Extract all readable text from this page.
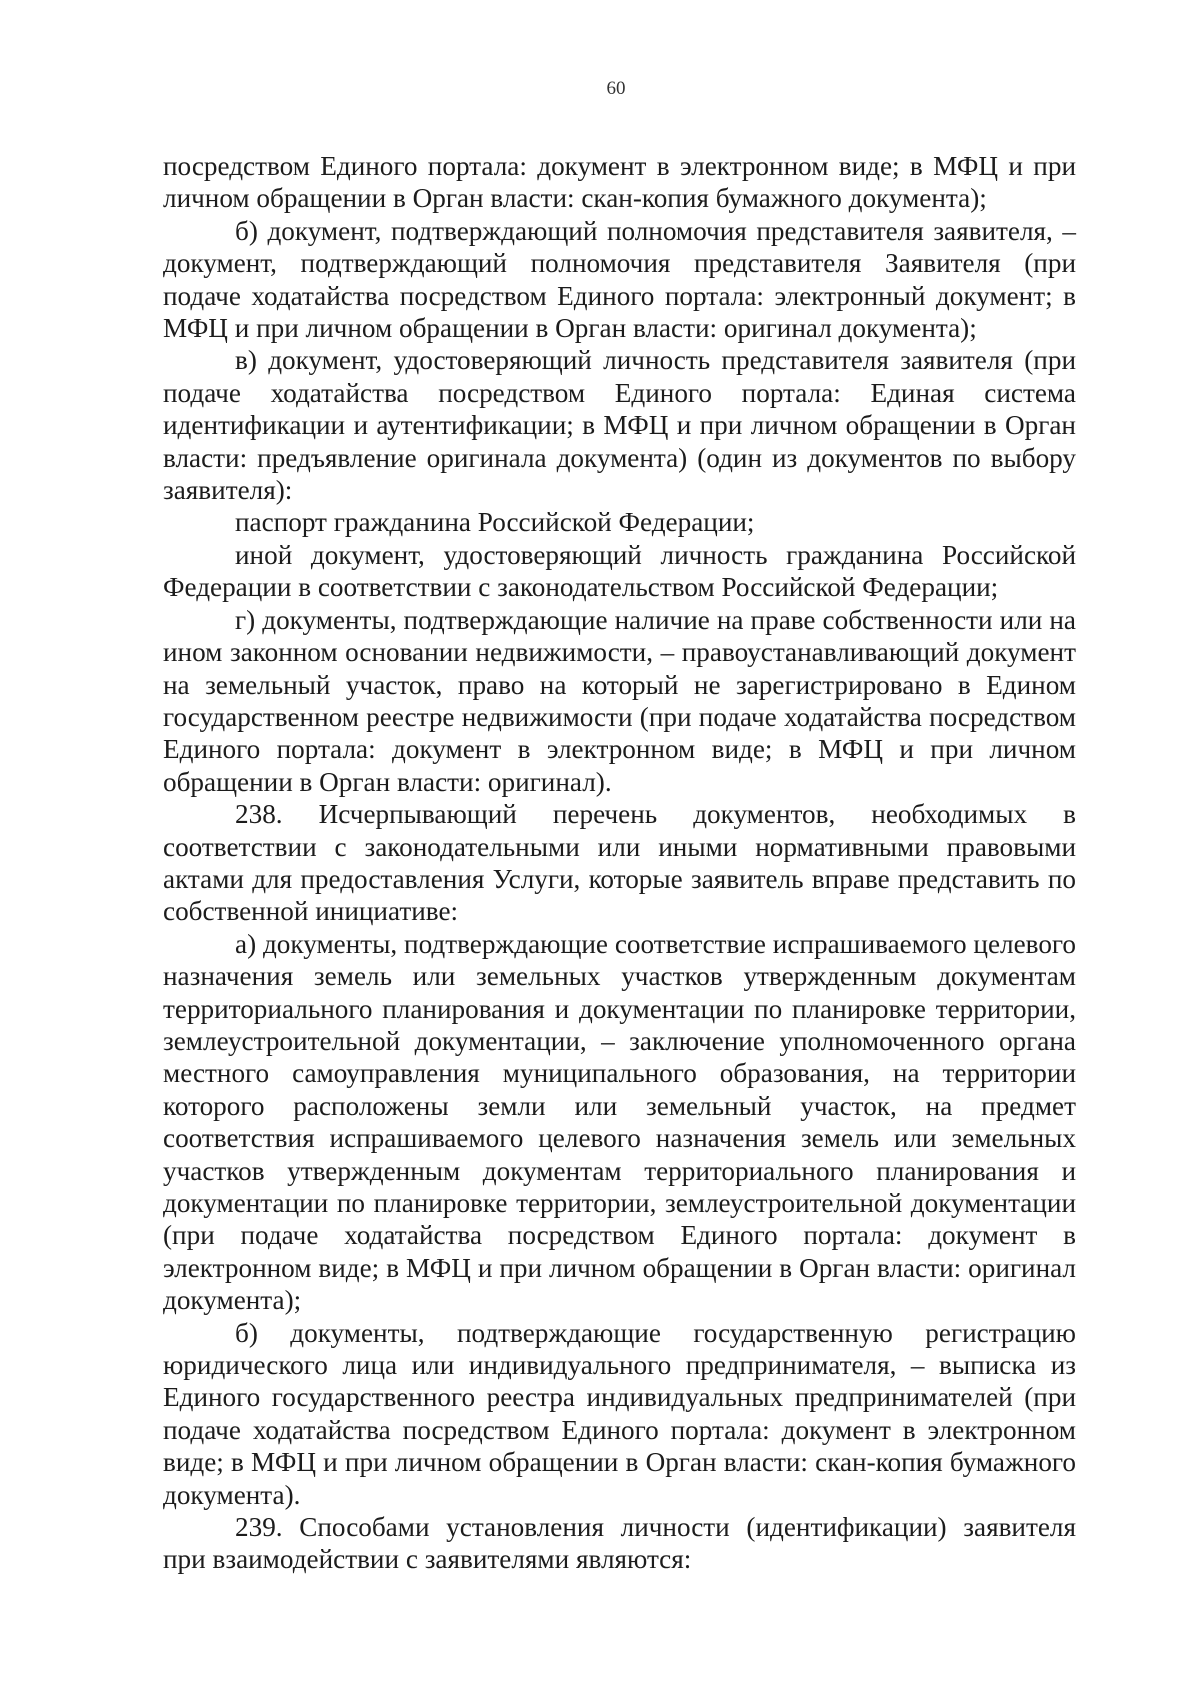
60

посредством Единого портала: документ в электронном виде; в МФЦ и при личном обращении в Орган власти: скан-копия бумажного документа);

б) документ, подтверждающий полномочия представителя заявителя, – документ, подтверждающий полномочия представителя Заявителя (при подаче ходатайства посредством Единого портала: электронный документ; в МФЦ и при личном обращении в Орган власти: оригинал документа);

в) документ, удостоверяющий личность представителя заявителя (при подаче ходатайства посредством Единого портала: Единая система идентификации и аутентификации; в МФЦ и при личном обращении в Орган власти: предъявление оригинала документа) (один из документов по выбору заявителя):

паспорт гражданина Российской Федерации;

иной документ, удостоверяющий личность гражданина Российской Федерации в соответствии с законодательством Российской Федерации;

г) документы, подтверждающие наличие на праве собственности или на ином законном основании недвижимости, – правоустанавливающий документ на земельный участок, право на который не зарегистрировано в Едином государственном реестре недвижимости (при подаче ходатайства посредством Единого портала: документ в электронном виде; в МФЦ и при личном обращении в Орган власти: оригинал).

238. Исчерпывающий перечень документов, необходимых в соответствии с законодательными или иными нормативными правовыми актами для предоставления Услуги, которые заявитель вправе представить по собственной инициативе:

а) документы, подтверждающие соответствие испрашиваемого целевого назначения земель или земельных участков утвержденным документам территориального планирования и документации по планировке территории, землеустроительной документации, – заключение уполномоченного органа местного самоуправления муниципального образования, на территории которого расположены земли или земельный участок, на предмет соответствия испрашиваемого целевого назначения земель или земельных участков утвержденным документам территориального планирования и документации по планировке территории, землеустроительной документации (при подаче ходатайства посредством Единого портала: документ в электронном виде; в МФЦ и при личном обращении в Орган власти: оригинал документа);

б) документы, подтверждающие государственную регистрацию юридического лица или индивидуального предпринимателя, – выписка из Единого государственного реестра индивидуальных предпринимателей (при подаче ходатайства посредством Единого портала: документ в электронном виде; в МФЦ и при личном обращении в Орган власти: скан-копия бумажного документа).

239. Способами установления личности (идентификации) заявителя при взаимодействии с заявителями являются:
